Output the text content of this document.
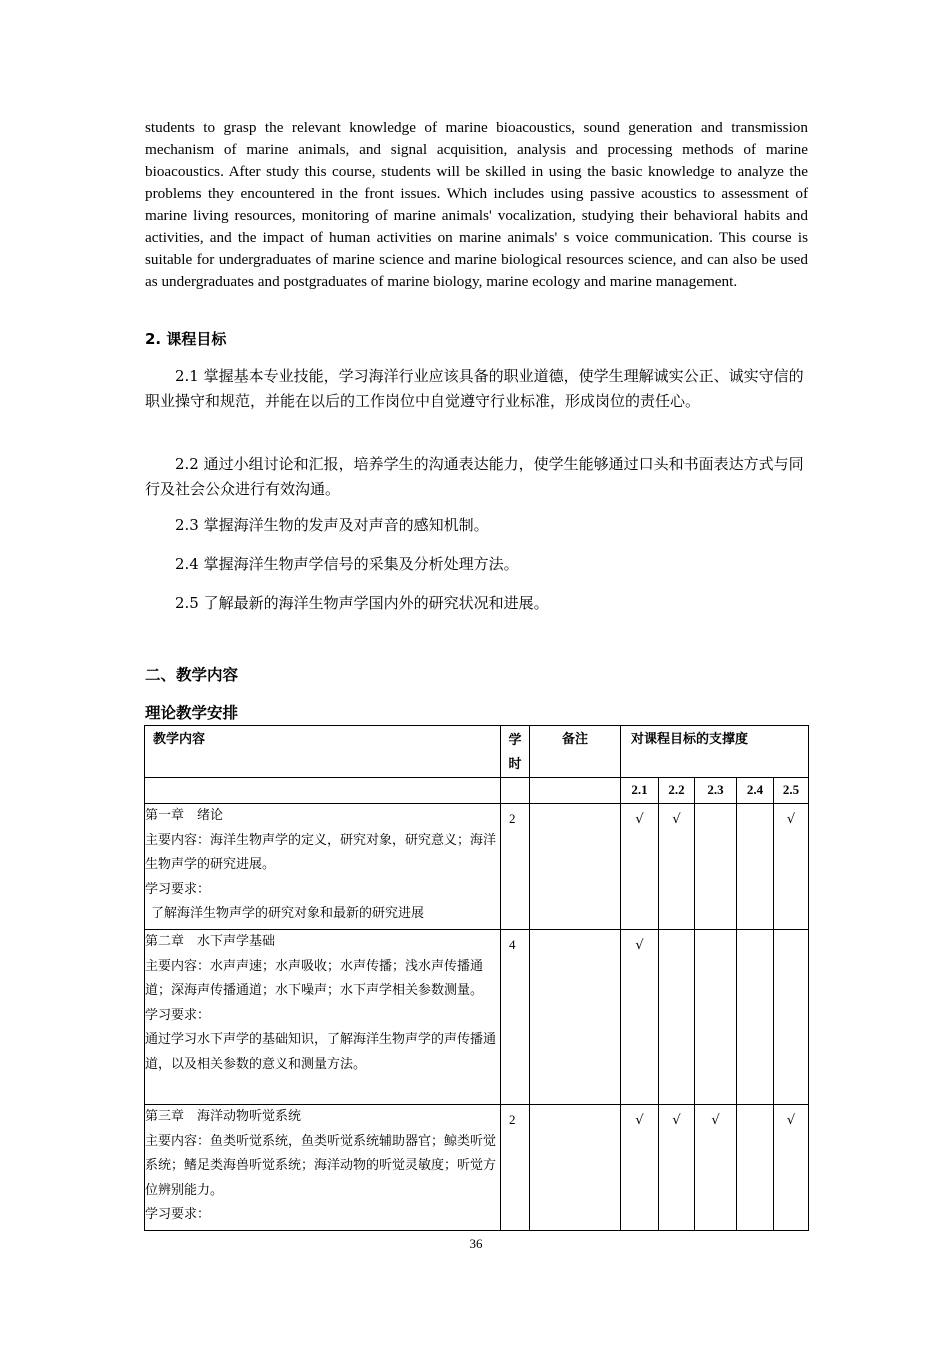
students to grasp the relevant knowledge of marine bioacoustics, sound generation and transmission mechanism of marine animals, and signal acquisition, analysis and processing methods of marine bioacoustics. After study this course, students will be skilled in using the basic knowledge to analyze the problems they encountered in the front issues. Which includes using passive acoustics to assessment of marine living resources, monitoring of marine animals' vocalization, studying their behavioral habits and activities, and the impact of human activities on marine animals' s voice communication. This course is suitable for undergraduates of marine science and marine biological resources science, and can also be used as undergraduates and postgraduates of marine biology, marine ecology and marine management.

2. 课程目标

2.1 掌握基本专业技能，学习海洋行业应该具备的职业道德，使学生理解诚实公正、诚实守信的职业操守和规范，并能在以后的工作岗位中自觉遵守行业标准，形成岗位的责任心。

2.2 通过小组讨论和汇报，培养学生的沟通表达能力，使学生能够通过口头和书面表达方式与同行及社会公众进行有效沟通。

2.3 掌握海洋生物的发声及对声音的感知机制。

2.4 掌握海洋生物声学信号的采集及分析处理方法。

2.5 了解最新的海洋生物声学国内外的研究状况和进展。

二、教学内容
理论教学安排
教学内容	学时	备注	对课程目标的支撑度				
			2.1	2.2	2.3	2.4	2.5

第一章　绪论
主要内容：海洋生物声学的定义，研究对象，研究意义；海洋生物声学的研究进展。
学习要求：
了解海洋生物声学的研究对象和最新的研究进展	2		√	√			√

第二章　水下声学基础
主要内容：水声声速；水声吸收；水声传播；浅水声传播通道；深海声传播通道；水下噪声；水下声学相关参数测量。
学习要求：
通过学习水下声学的基础知识，了解海洋生物声学的声传播通道，以及相关参数的意义和测量方法。	4		√				

第三章　海洋动物听觉系统
主要内容：鱼类听觉系统，鱼类听觉系统辅助器官；鲸类听觉系统；鳍足类海兽听觉系统；海洋动物的听觉灵敏度；听觉方位辨别能力。
学习要求：	2		√	√	√		√
36
